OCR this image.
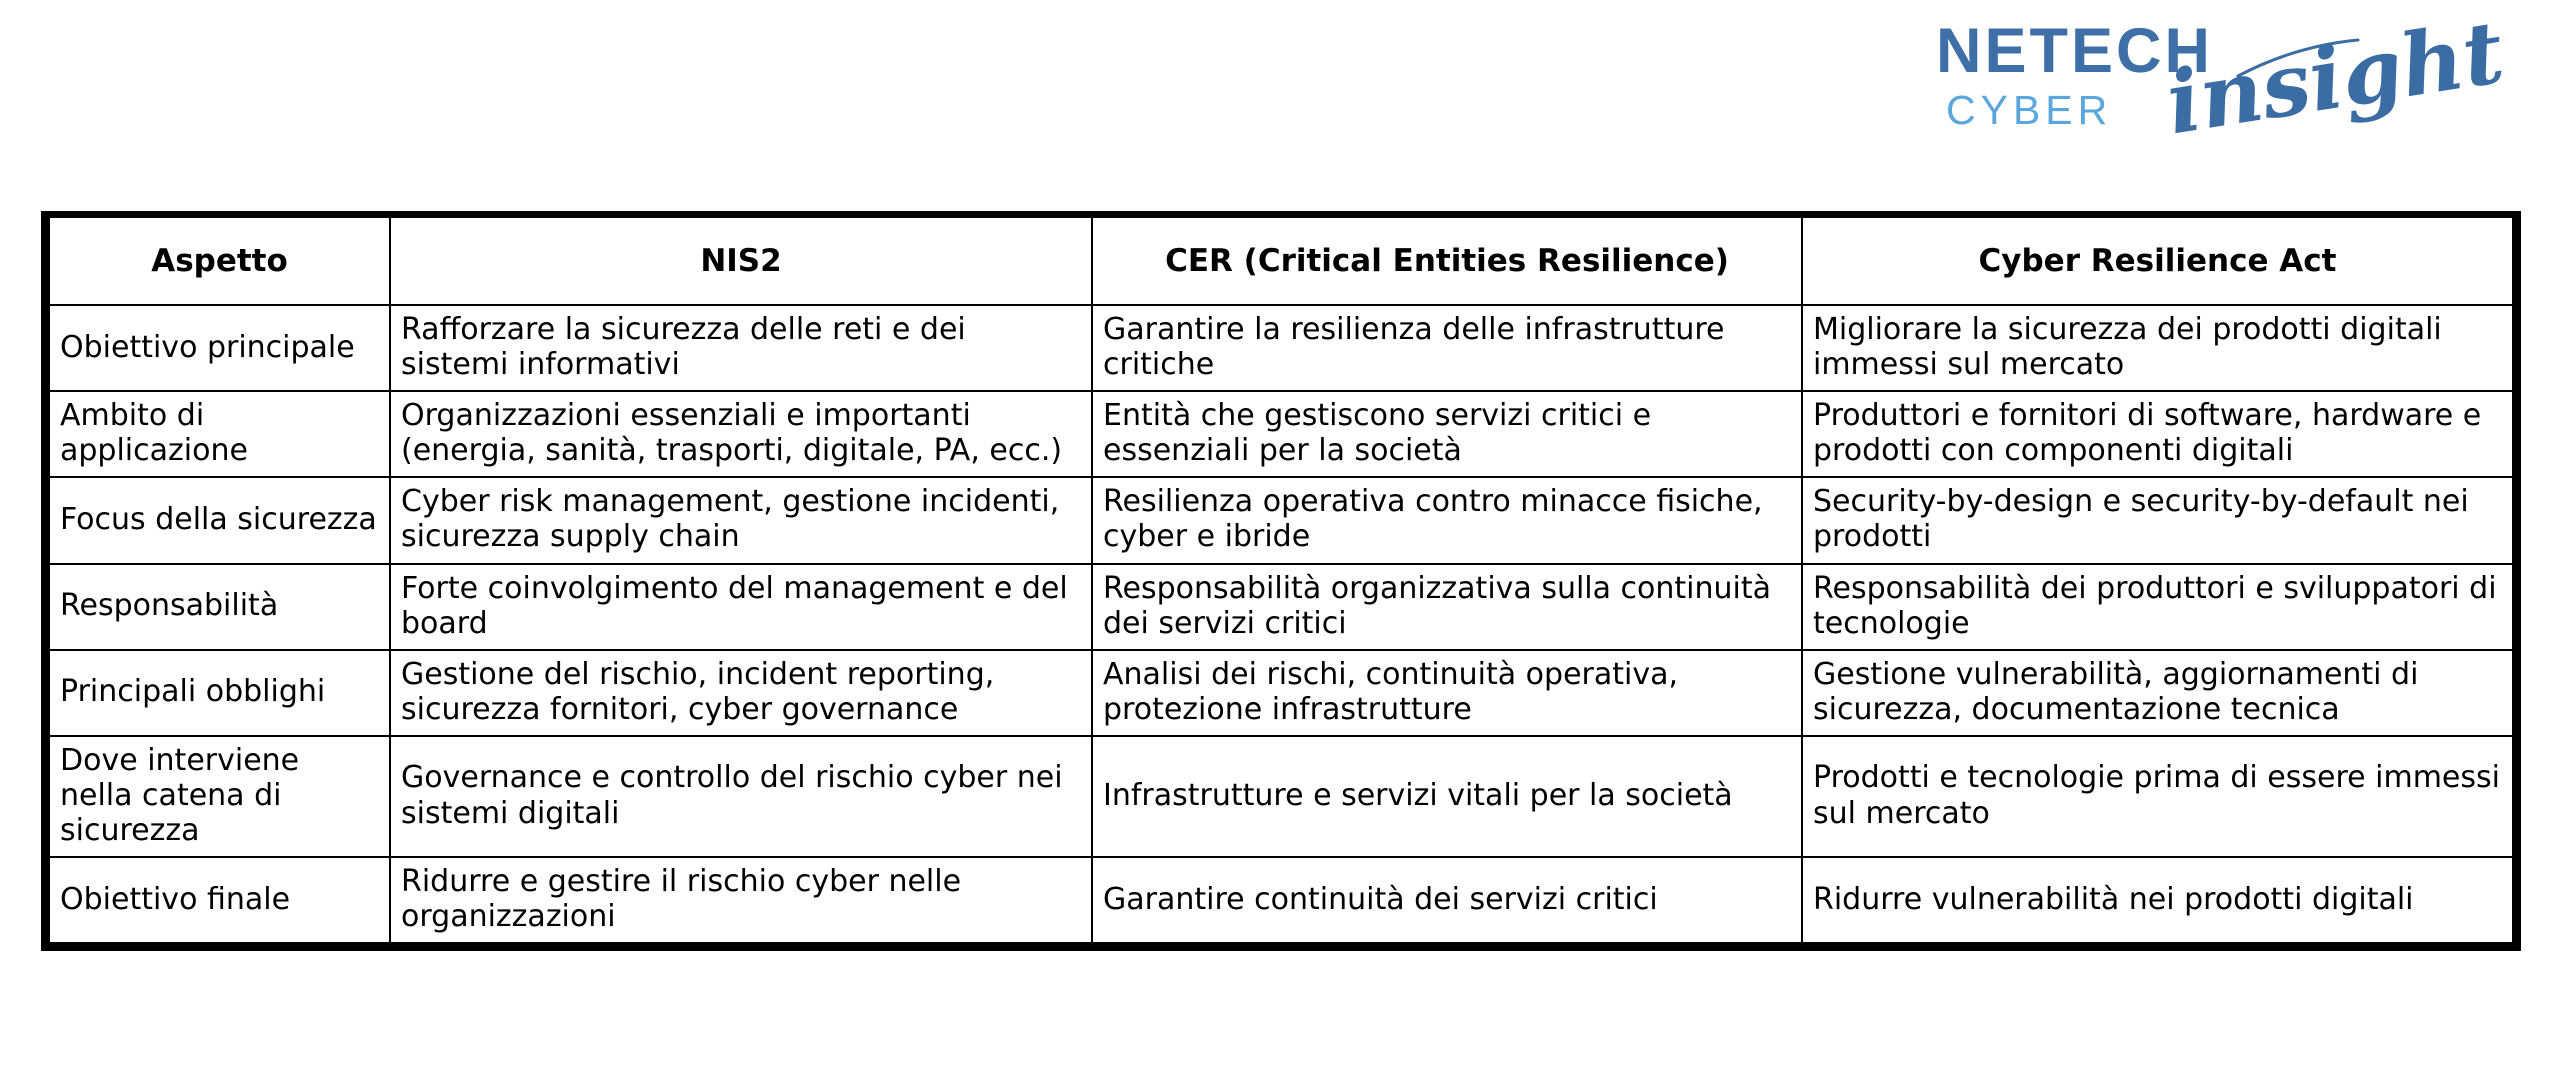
NETECH
CYBER insight
Aspetto	NIS2	CER (Critical Entities Resilience)	Cyber Resilience Act
Obiettivo principale	Rafforzare la sicurezza delle reti e dei sistemi informativi	Garantire la resilienza delle infrastrutture critiche	Migliorare la sicurezza dei prodotti digitali immessi sul mercato
Ambito di applicazione	Organizzazioni essenziali e importanti (energia, sanità, trasporti, digitale, PA, ecc.)	Entità che gestiscono servizi critici e essenziali per la società	Produttori e fornitori di software, hardware e prodotti con componenti digitali
Focus della sicurezza	Cyber risk management, gestione incidenti, sicurezza supply chain	Resilienza operativa contro minacce fisiche, cyber e ibride	Security-by-design e security-by-default nei prodotti
Responsabilità	Forte coinvolgimento del management e del board	Responsabilità organizzativa sulla continuità dei servizi critici	Responsabilità dei produttori e sviluppatori di tecnologie
Principali obblighi	Gestione del rischio, incident reporting, sicurezza fornitori, cyber governance	Analisi dei rischi, continuità operativa, protezione infrastrutture	Gestione vulnerabilità, aggiornamenti di sicurezza, documentazione tecnica
Dove interviene nella catena di sicurezza	Governance e controllo del rischio cyber nei sistemi digitali	Infrastrutture e servizi vitali per la società	Prodotti e tecnologie prima di essere immessi sul mercato
Obiettivo finale	Ridurre e gestire il rischio cyber nelle organizzazioni	Garantire continuità dei servizi critici	Ridurre vulnerabilità nei prodotti digitali
